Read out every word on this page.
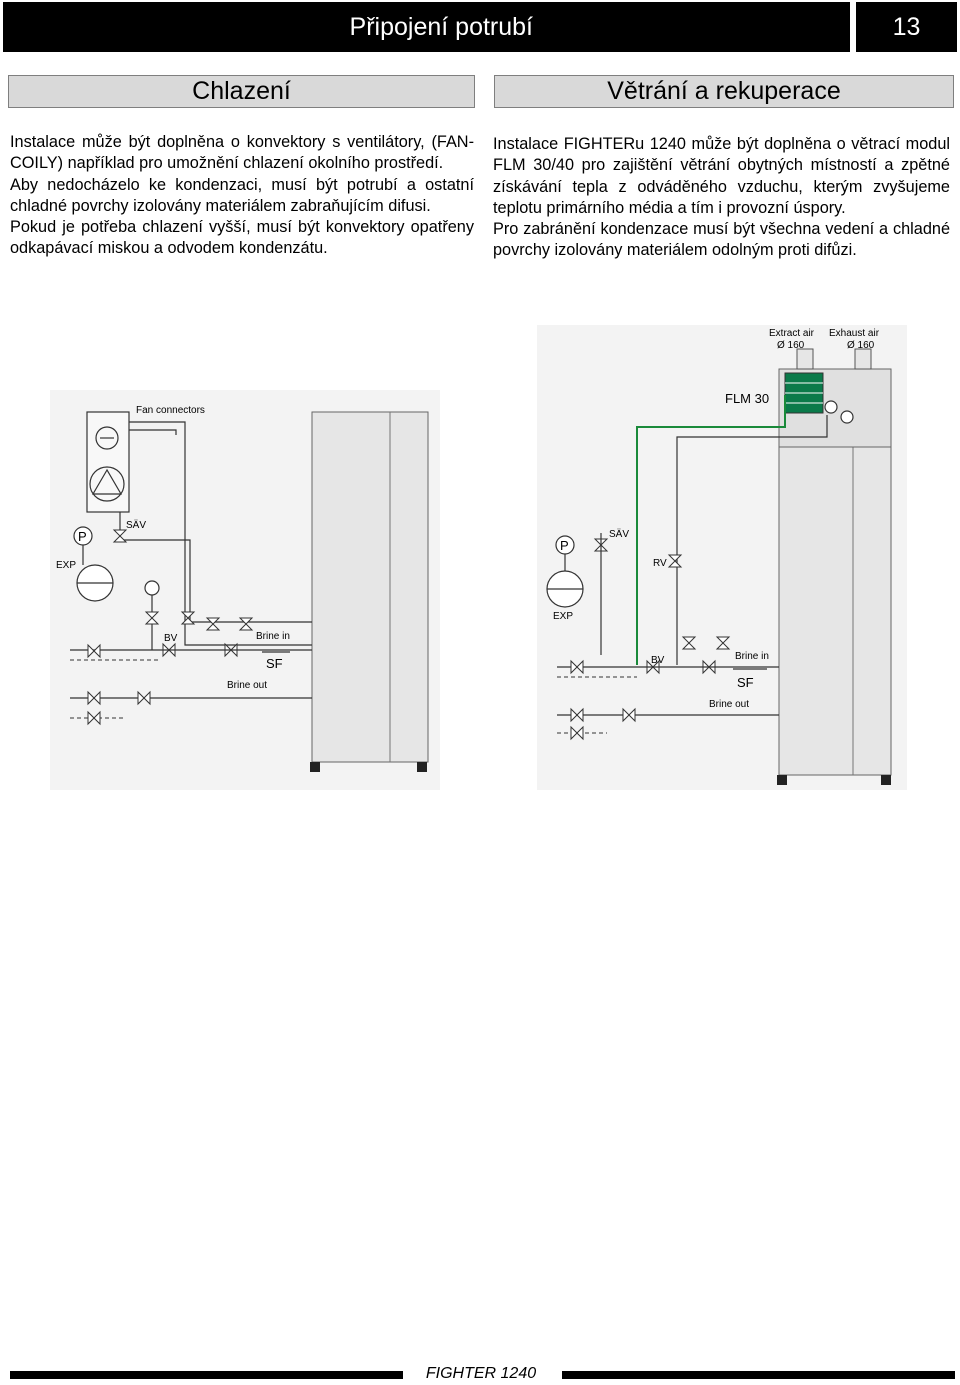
Připojení potrubí	13
Chlazení	Větrání a rekuperace

Instalace může být doplněna o konvektory s ventilátory, (FAN-COILY) například pro umožnění chlazení okolního prostředí.

Aby nedocházelo ke kondenzaci, musí být potrubí a ostatní chladné povrchy izolovány materiálem zabraňujícím difusi.

Pokud je potřeba chlazení vyšší, musí být konvektory opatřeny odkapávací miskou a odvodem kondenzátu.

Instalace FIGHTERu 1240 může být doplněna o větrací modul FLM 30/40 pro zajištění větrání obytných místností a zpětné získávání tepla z odváděného vzduchu, kterým zvyšujeme teplotu primárního média a tím i provozní úspory.

Pro zabránění kondenzace musí být všechna vedení a chladné povrchy izolovány materiálem odolným proti difůzi.

Fan connectors
P
SÄV
EXP
BV	Brine in
SF
Brine out
Extract air
Ø 160
Exhaust air
Ø 160
FLM 30
P
SÄV
RV
EXP
BV	Brine in
SF
Brine out
FIGHTER 1240
